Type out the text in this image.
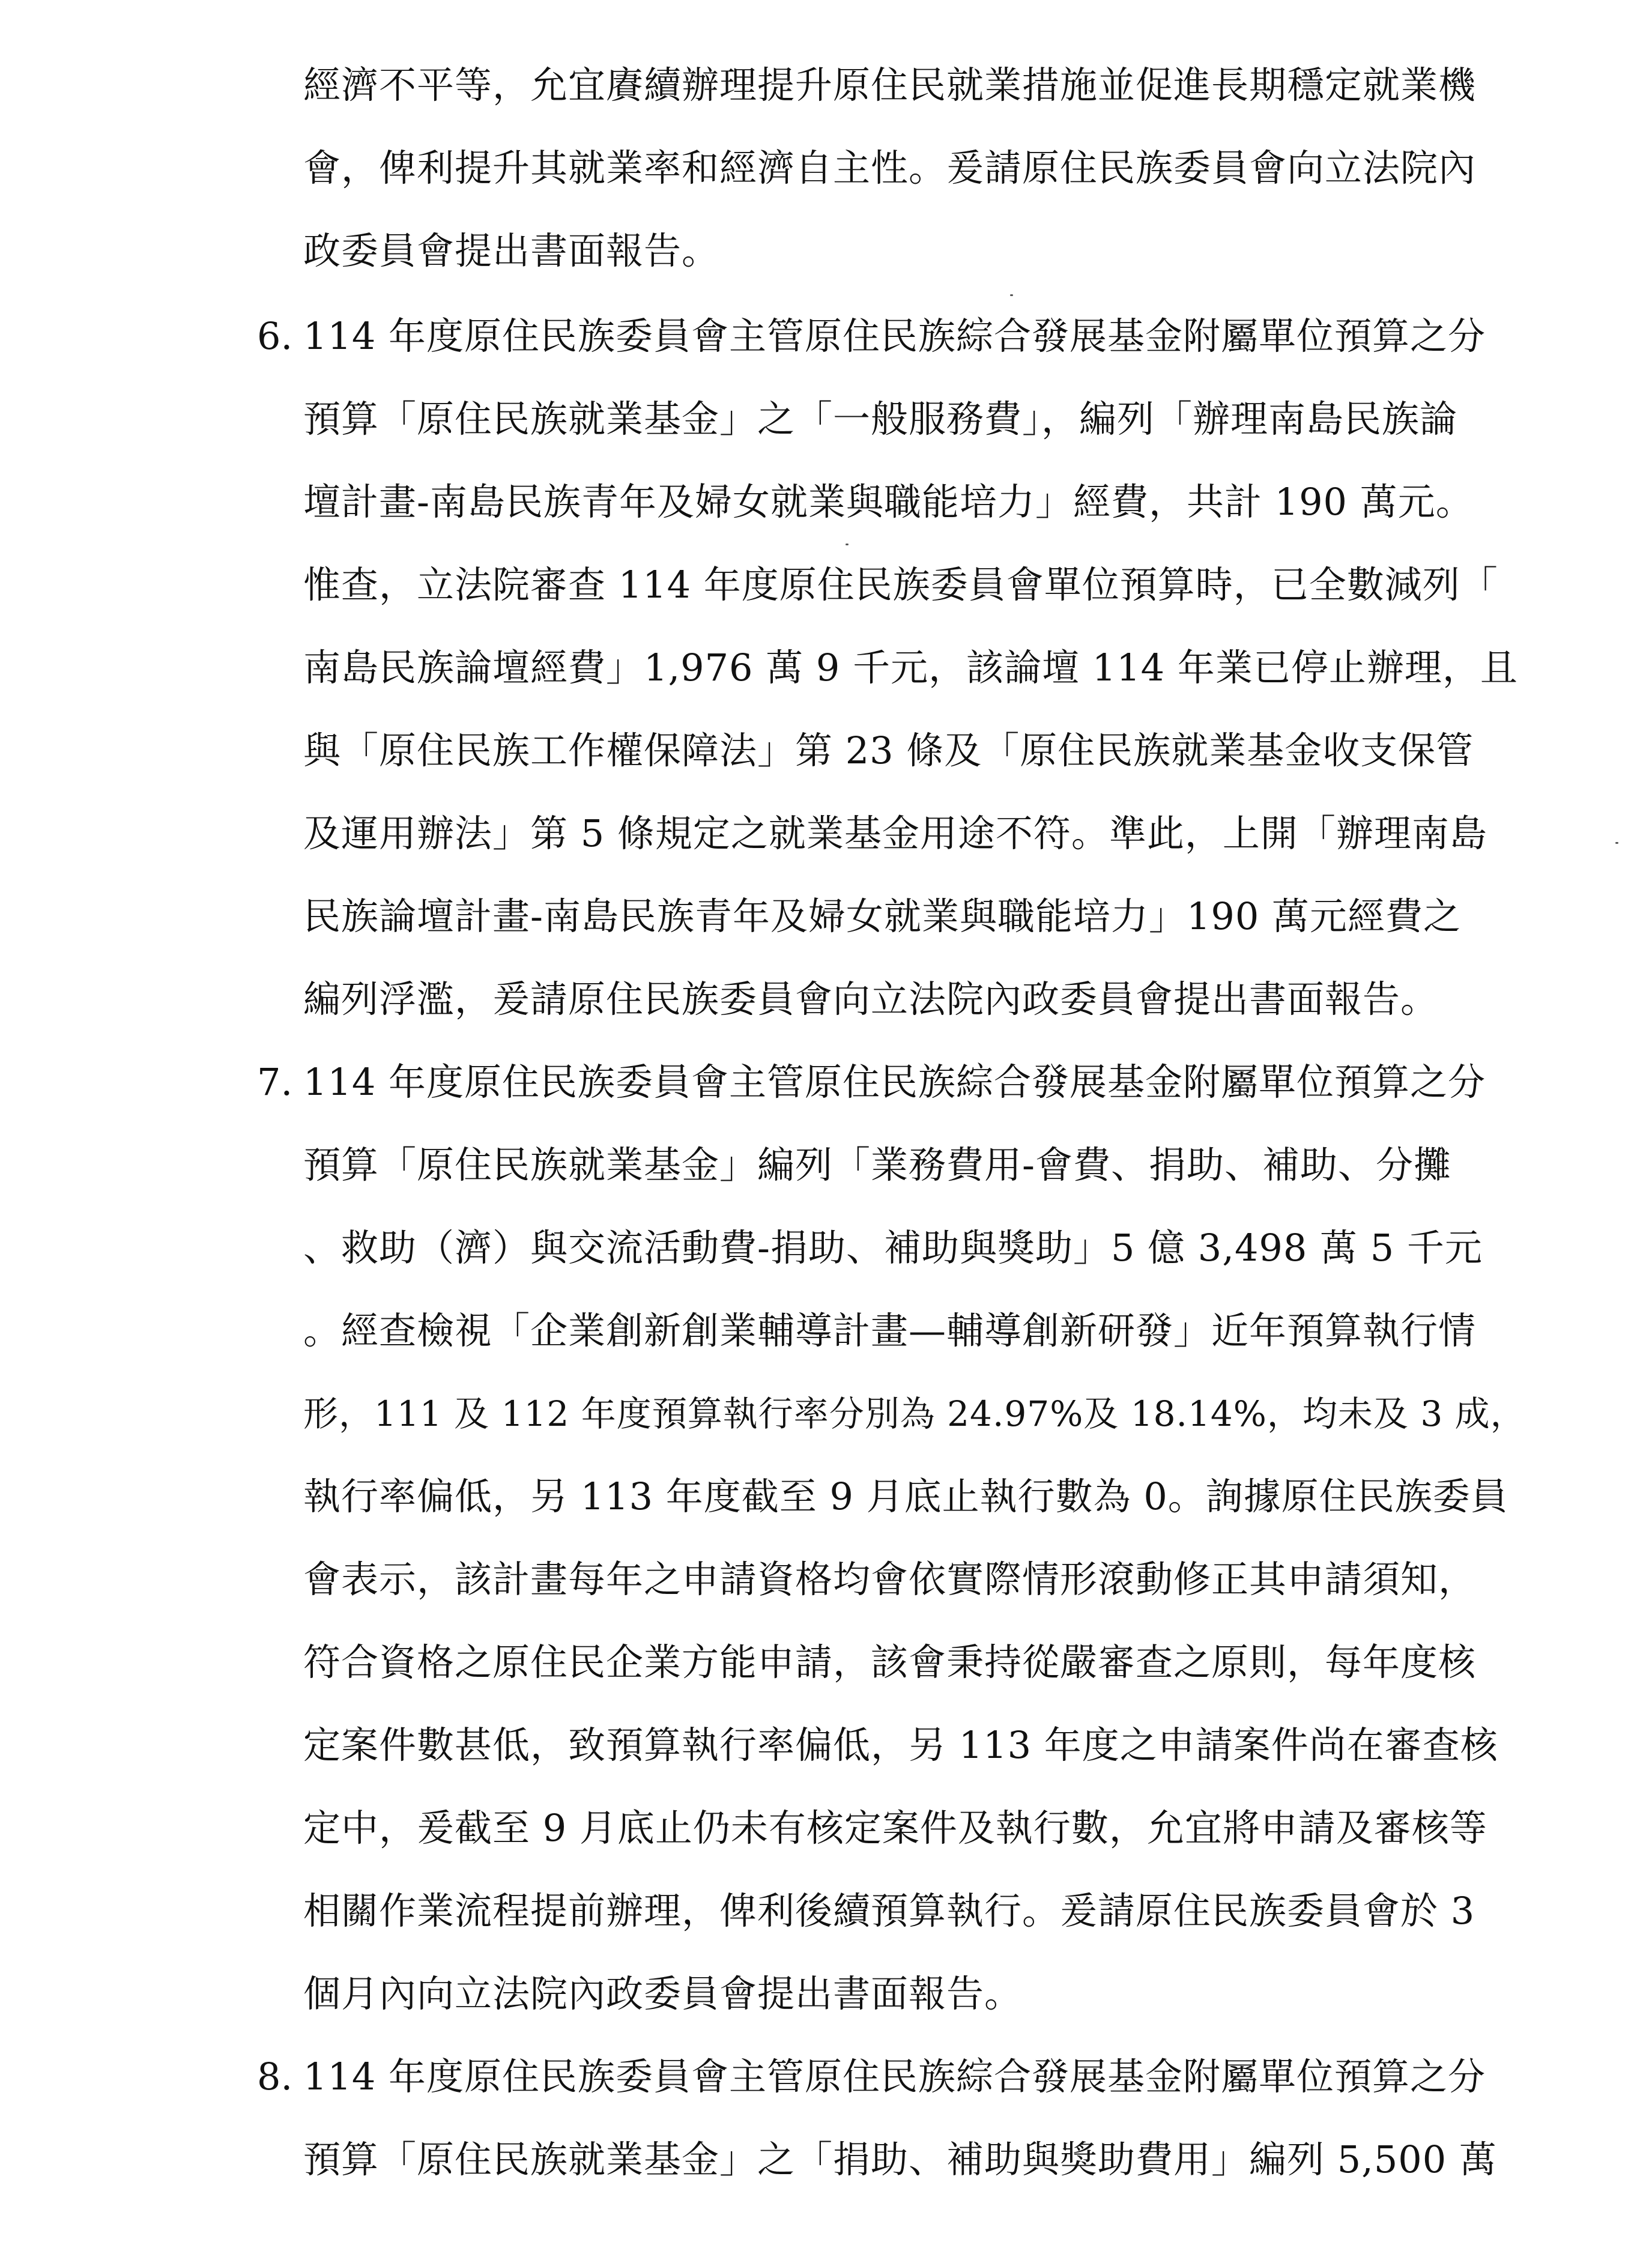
經濟不平等，允宜賡續辦理提升原住民就業措施並促進長期穩定就業機
會，俾利提升其就業率和經濟自主性。爰請原住民族委員會向立法院內
政委員會提出書面報告。
6. 114 年度原住民族委員會主管原住民族綜合發展基金附屬單位預算之分
預算「原住民族就業基金」之「一般服務費」，編列「辦理南島民族論
壇計畫-南島民族青年及婦女就業與職能培力」經費，共計 190 萬元。
惟查，立法院審查 114 年度原住民族委員會單位預算時，已全數減列「
南島民族論壇經費」1,976 萬 9 千元，該論壇 114 年業已停止辦理，且
與「原住民族工作權保障法」第 23 條及「原住民族就業基金收支保管
及運用辦法」第 5 條規定之就業基金用途不符。準此，上開「辦理南島
民族論壇計畫-南島民族青年及婦女就業與職能培力」190 萬元經費之
編列浮濫，爰請原住民族委員會向立法院內政委員會提出書面報告。
7. 114 年度原住民族委員會主管原住民族綜合發展基金附屬單位預算之分
預算「原住民族就業基金」編列「業務費用-會費、捐助、補助、分攤
、救助（濟）與交流活動費-捐助、補助與獎助」5 億 3,498 萬 5 千元
。經查檢視「企業創新創業輔導計畫—輔導創新研發」近年預算執行情
形，111 及 112 年度預算執行率分別為 24.97%及 18.14%，均未及 3 成，
執行率偏低，另 113 年度截至 9 月底止執行數為 0。詢據原住民族委員
會表示，該計畫每年之申請資格均會依實際情形滾動修正其申請須知，
符合資格之原住民企業方能申請，該會秉持從嚴審查之原則，每年度核
定案件數甚低，致預算執行率偏低，另 113 年度之申請案件尚在審查核
定中，爰截至 9 月底止仍未有核定案件及執行數，允宜將申請及審核等
相關作業流程提前辦理，俾利後續預算執行。爰請原住民族委員會於 3
個月內向立法院內政委員會提出書面報告。
8. 114 年度原住民族委員會主管原住民族綜合發展基金附屬單位預算之分
預算「原住民族就業基金」之「捐助、補助與獎助費用」編列 5,500 萬
